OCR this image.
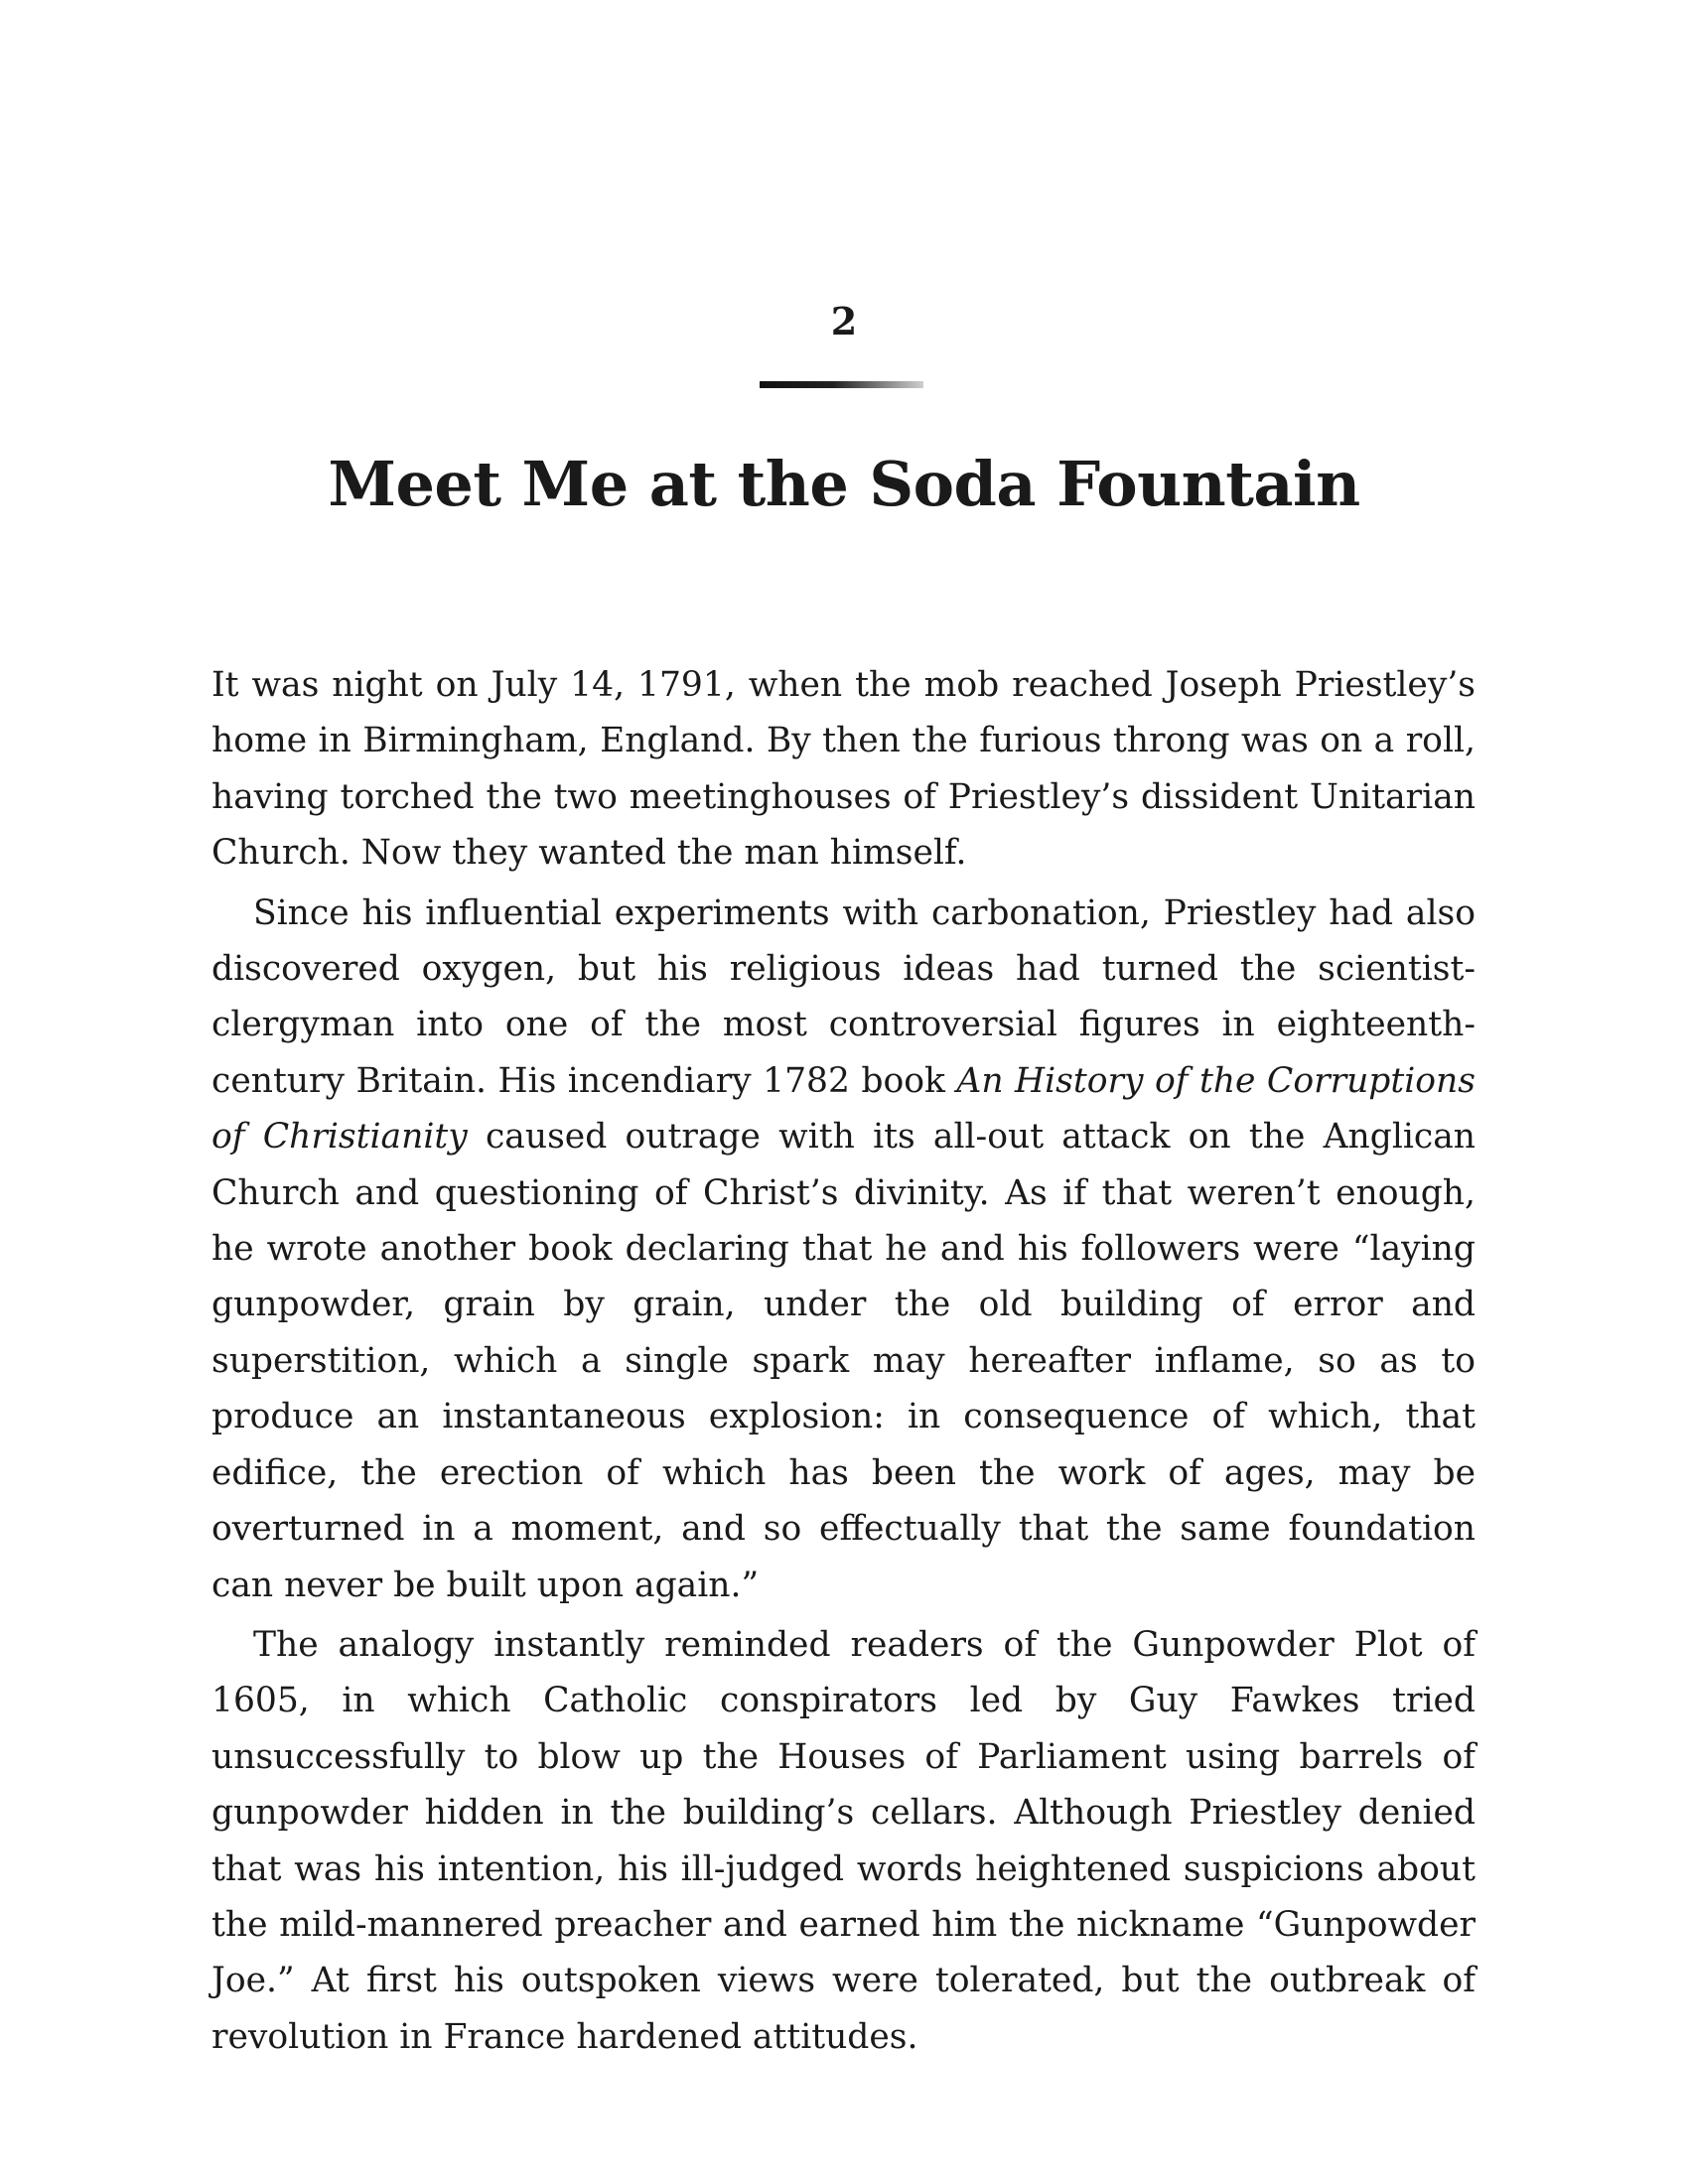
2
Meet Me at the Soda Fountain

It was night on July 14, 1791, when the mob reached Joseph Priestley’s home in Birmingham, England. By then the furious throng was on a roll, having torched the two meetinghouses of Priestley’s dissident Unitarian Church. Now they wanted the man himself.

Since his influential experiments with carbonation, Priestley had also discovered oxygen, but his religious ideas had turned the scientist-clergyman into one of the most controversial figures in eighteenth-century Britain. His incendiary 1782 book An History of the Corruptions of Christianity caused outrage with its all-out attack on the Anglican Church and questioning of Christ’s divinity. As if that weren’t enough, he wrote another book declaring that he and his followers were “laying gunpowder, grain by grain, under the old building of error and superstition, which a single spark may hereafter inflame, so as to produce an instantaneous explosion: in consequence of which, that edifice, the erection of which has been the work of ages, may be overturned in a moment, and so effectually that the same foundation can never be built upon again.”

The analogy instantly reminded readers of the Gunpowder Plot of 1605, in which Catholic conspirators led by Guy Fawkes tried unsuccessfully to blow up the Houses of Parliament using barrels of gunpowder hidden in the building’s cellars. Although Priestley denied that was his intention, his ill-judged words heightened suspicions about the mild-mannered preacher and earned him the nickname “Gunpowder Joe.” At first his outspoken views were tolerated, but the outbreak of revolution in France hardened attitudes.
